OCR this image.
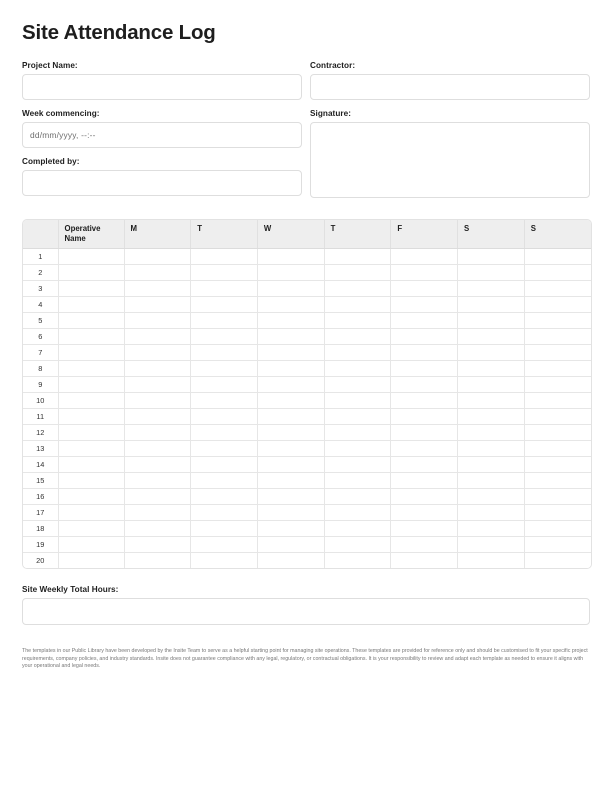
Site Attendance Log
Project Name:
Week commencing:
dd/mm/yyyy, --:--
Completed by:
Contractor:
Signature:
	Operative Name	M	T	W	T	F	S	S
1								
2								
3								
4								
5								
6								
7								
8								
9								
10								
11								
12								
13								
14								
15								
16								
17								
18								
19								
20								
Site Weekly Total Hours:
The templates in our Public Library have been developed by the Insite Team to serve as a helpful starting point for managing site operations. These templates are provided for reference only and should be customised to fit your specific project requirements, company policies, and industry standards. Insite does not guarantee compliance with any legal, regulatory, or contractual obligations. It is your responsibility to review and adapt each template as needed to ensure it aligns with your operational and legal needs.
